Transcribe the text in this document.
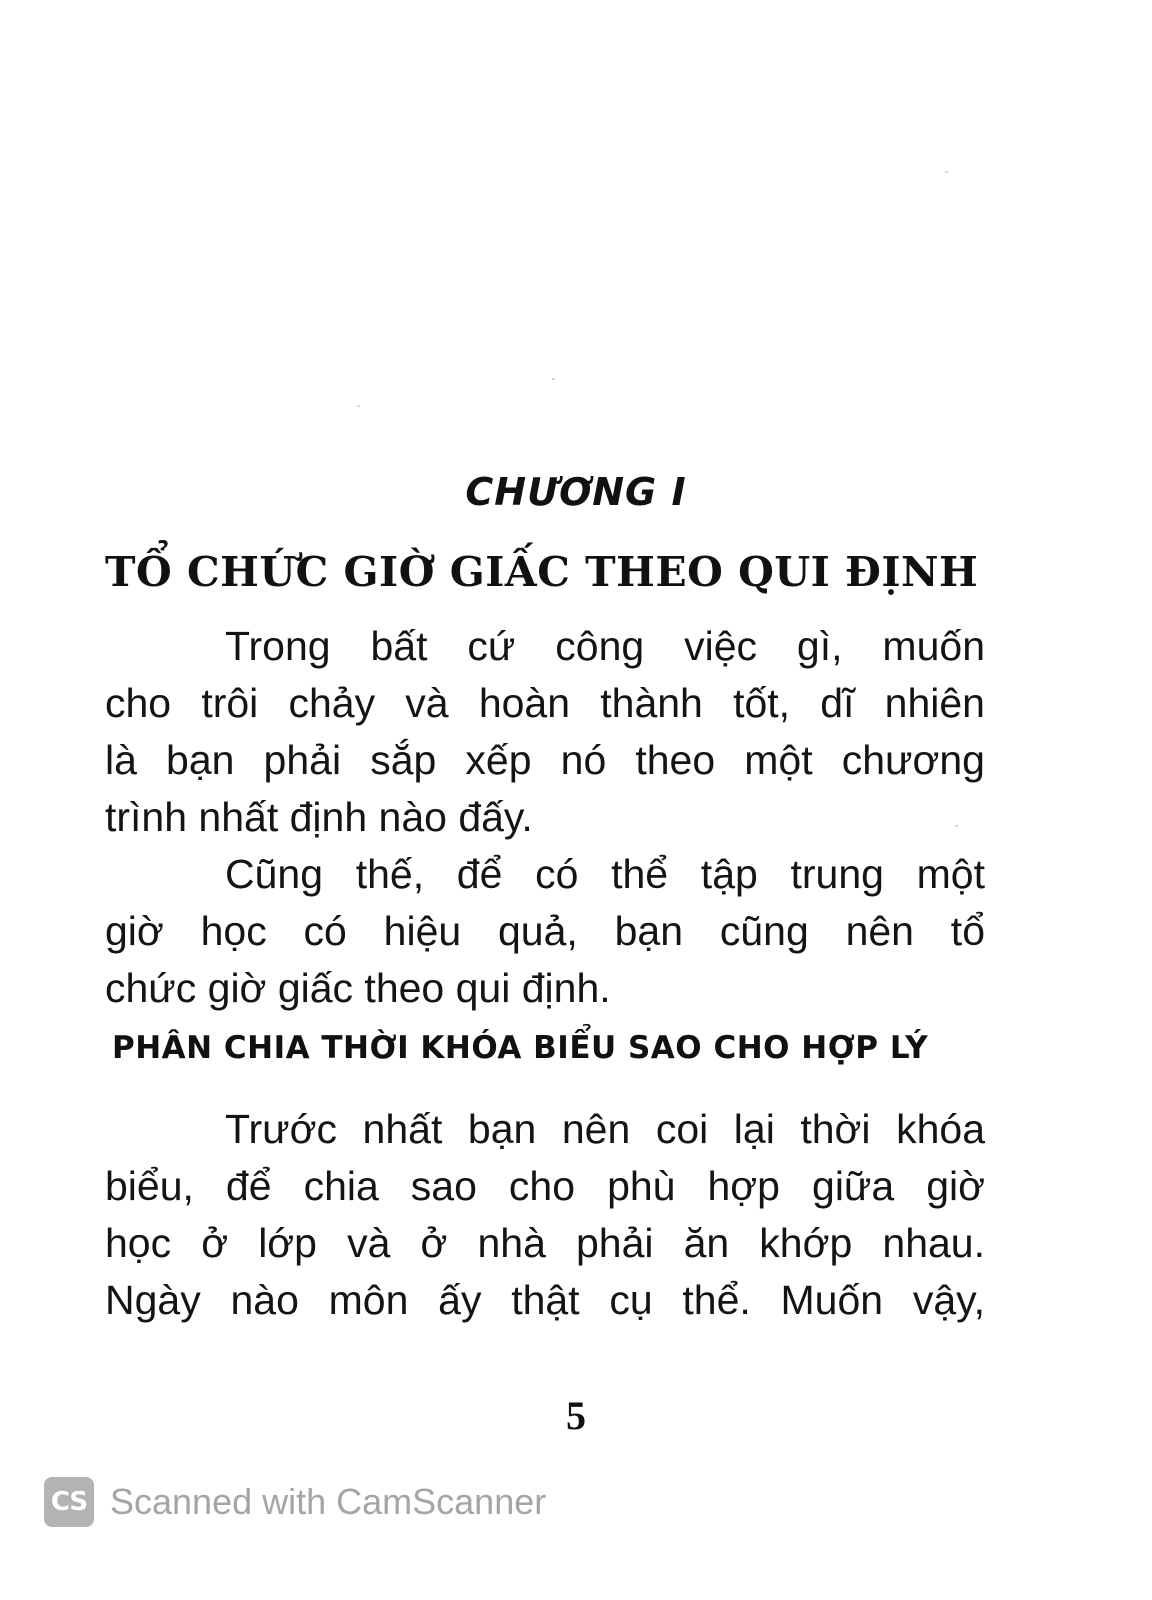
CHƯƠNG I
TỔ CHỨC GIỜ GIẤC THEO QUI ĐỊNH
Trong bất cứ công việc gì, muốn
cho trôi chảy và hoàn thành tốt, dĩ nhiên
là bạn phải sắp xếp nó theo một chương
trình nhất định nào đấy.
Cũng thế, để có thể tập trung một
giờ học có hiệu quả, bạn cũng nên tổ
chức giờ giấc theo qui định.
PHÂN CHIA THỜI KHÓA BIỂU SAO CHO HỢP LÝ
Trước nhất bạn nên coi lại thời khóa
biểu, để chia sao cho phù hợp giữa giờ
học ở lớp và ở nhà phải ăn khớp nhau.
Ngày nào môn ấy thật cụ thể. Muốn vậy,
5
CS Scanned with CamScanner
